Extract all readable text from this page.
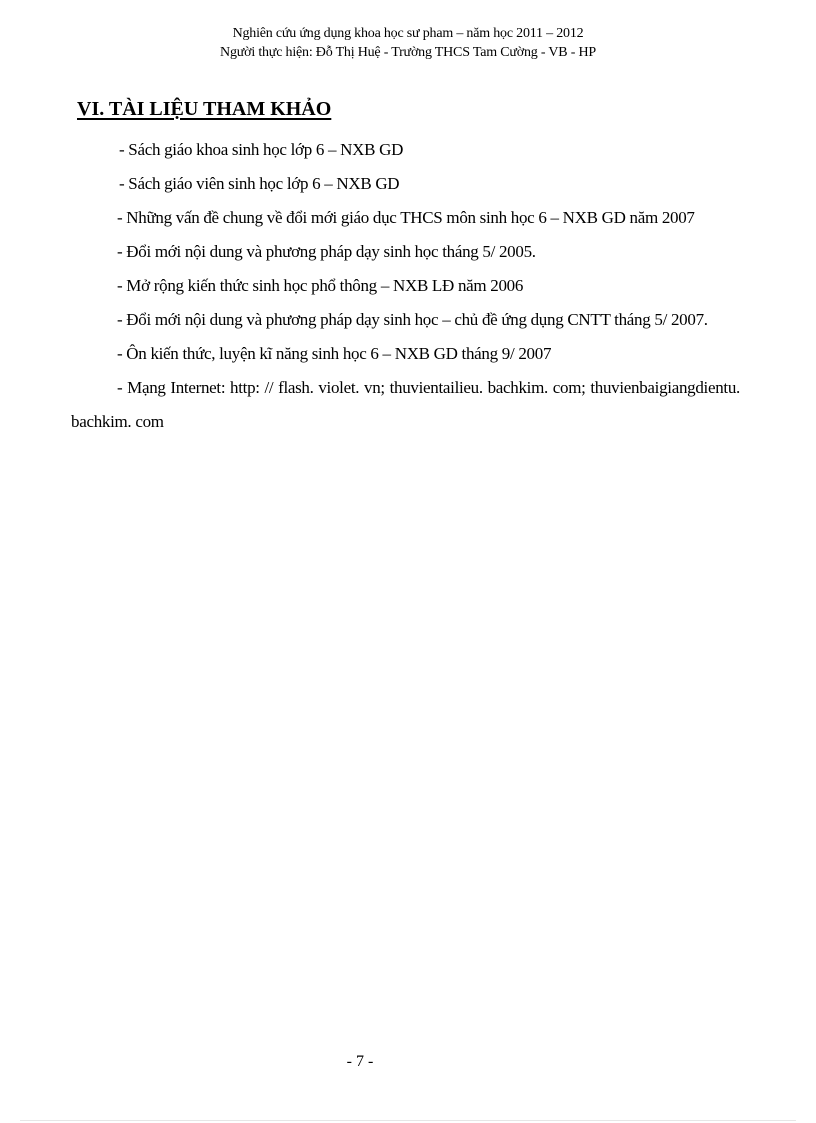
Nghiên cứu ứng dụng khoa học sư pham – năm học 2011 – 2012
Người thực hiện: Đỗ Thị Huệ - Trường THCS Tam Cường - VB - HP
VI. TÀI LIỆU THAM KHẢO

- Sách giáo khoa sinh học lớp 6 – NXB GD

- Sách giáo viên sinh học lớp 6 – NXB GD

- Những vấn đề chung về đổi mới giáo dục THCS môn sinh học 6 – NXB GD năm 2007

- Đổi mới nội dung và phương pháp dạy sinh học tháng 5/ 2005.

- Mở rộng kiến thức sinh học phổ thông – NXB LĐ năm 2006

- Đổi mới nội dung và phương pháp dạy sinh học – chủ đề ứng dụng CNTT tháng 5/ 2007.

- Ôn kiến thức, luyện kĩ năng sinh học 6 – NXB GD tháng 9/ 2007

- Mạng Internet: http: // flash. violet. vn; thuvientailieu. bachkim. com; thuvienbaigiangdientu. bachkim. com

- 7 -
